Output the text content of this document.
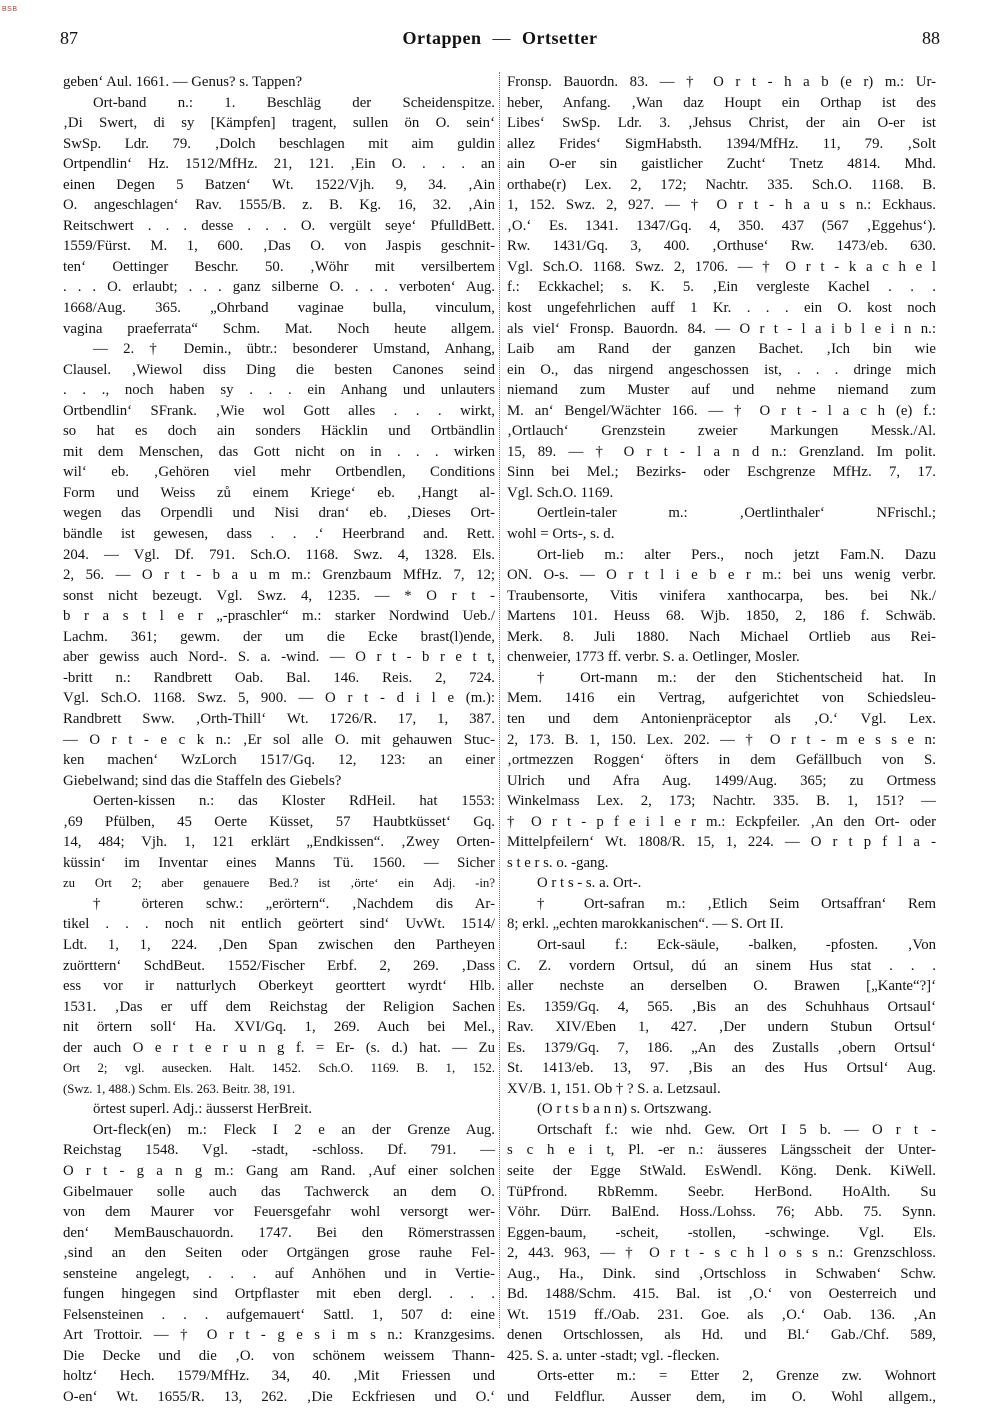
BSB
87	Ortappen — Ortsetter	88
geben‘ Aul. 1661. — Genus? s. Tappen?
Ort-band n.: 1. Beschläg der Scheidenspitze.
‚Di Swert, di sy [Kämpfen] tragent, sullen ön O. sein‘
SwSp. Ldr. 79. ‚Dolch beschlagen mit aim guldin
Ortpendlin‘ Hz. 1512/MfHz. 21, 121. ‚Ein O. . . . an
einen Degen 5 Batzen‘ Wt. 1522/Vjh. 9, 34. ‚Ain
O. angeschlagen‘ Rav. 1555/B. z. B. Kg. 16, 32. ‚Ain
Reitschwert . . . desse . . . O. vergült seye‘ PfulldBett.
1559/Fürst. M. 1, 600. ‚Das O. von Jaspis geschnit-
ten‘ Oettinger Beschr. 50. ‚Wöhr mit versilbertem
. . . O. erlaubt; . . . ganz silberne O. . . . verboten‘ Aug.
1668/Aug. 365. „Ohrband vaginae bulla, vinculum,
vagina praeferrata“ Schm. Mat. Noch heute allgem.
— 2. † Demin., übtr.: besonderer Umstand, Anhang,
Clausel. ‚Wiewol diss Ding die besten Canones seind
. . ., noch haben sy . . . ein Anhang und unlauters
Ortbendlin‘ SFrank. ‚Wie wol Gott alles . . . wirkt,
so hat es doch ain sonders Häcklin und Ortbändlin
mit dem Menschen, das Gott nicht on in . . . wirken
wil‘ eb. ‚Gehören viel mehr Ortbendlen, Conditions
Form und Weiss zů einem Kriege‘ eb. ‚Hangt al-
wegen das Orpendli und Nisi dran‘ eb. ‚Dieses Ort-
bändle ist gewesen, dass . . .‘ Heerbrand and. Rett.
204. — Vgl. Df. 791. Sch.O. 1168. Swz. 4, 1328. Els.
2, 56. — O r t - b a u m m.: Grenzbaum MfHz. 7, 12;
sonst nicht bezeugt. Vgl. Swz. 4, 1235. — * O r t -
b r a s t l e r „-praschler“ m.: starker Nordwind Ueb./
Lachm. 361; gewm. der um die Ecke brast(l)ende,
aber gewiss auch Nord-. S. a. -wind. — O r t - b r e t t,
-britt n.: Randbrett Oab. Bal. 146. Reis. 2, 724.
Vgl. Sch.O. 1168. Swz. 5, 900. — O r t - d i l e (m.):
Randbrett Sww. ‚Orth-Thill‘ Wt. 1726/R. 17, 1, 387.
— O r t - e c k n.: ‚Er sol alle O. mit gehauwen Stuc-
ken machen‘ WzLorch 1517/Gq. 12, 123: an einer
Giebelwand; sind das die Staffeln des Giebels?
Oerten-kissen n.: das Kloster RdHeil. hat 1553:
‚69 Pfülben, 45 Oerte Küsset, 57 Haubtküsset‘ Gq.
14, 484; Vjh. 1, 121 erklärt „Endkissen“. ‚Zwey Orten-
küssin‘ im Inventar eines Manns Tü. 1560. — Sicher
zu Ort 2; aber genauere Bed.? ist ‚örte‘ ein Adj. -in?
† örteren schw.: „erörtern“. ‚Nachdem dis Ar-
tikel . . . noch nit entlich geörtert sind‘ UvWt. 1514/
Ldt. 1, 1, 224. ‚Den Span zwischen den Partheyen
zuörttern‘ SchdBeut. 1552/Fischer Erbf. 2, 269. ‚Dass
ess vor ir natturlych Oberkeyt georttert wyrdt‘ Hlb.
1531. ‚Das er uff dem Reichstag der Religion Sachen
nit örtern soll‘ Ha. XVI/Gq. 1, 269. Auch bei Mel.,
der auch O e r t e r u n g f. = Er- (s. d.) hat. — Zu
Ort 2; vgl. ausecken. Halt. 1452. Sch.O. 1169. B. 1, 152.
(Swz. 1, 488.) Schm. Els. 263. Beitr. 38, 191.
örtest superl. Adj.: äusserst HerBreit.
Ort-fleck(en) m.: Fleck I 2 e an der Grenze Aug.
Reichstag 1548. Vgl. -stadt, -schloss. Df. 791. —
O r t - g a n g m.: Gang am Rand. ‚Auf einer solchen
Gibelmauer solle auch das Tachwerck an dem O.
von dem Maurer vor Feuersgefahr wohl versorgt wer-
den‘ MemBauschauordn. 1747. Bei den Römerstrassen
‚sind an den Seiten oder Ortgängen grose rauhe Fel-
sensteine angelegt, . . . auf Anhöhen und in Vertie-
fungen hingegen sind Ortpflaster mit eben dergl. . . .
Felsensteinen . . . aufgemauert‘ Sattl. 1, 507 d: eine
Art Trottoir. — † O r t - g e s i m s n.: Kranzgesims.
Die Decke und die ‚O. von schönem weissem Thann-
holtz‘ Hech. 1579/MfHz. 34, 40. ‚Mit Friessen und
O-en‘ Wt. 1655/R. 13, 262. ‚Die Eckfriesen und O.‘
Fronsp. Bauordn. 83. — † O r t - h a b (e r) m.: Ur-
heber, Anfang. ‚Wan daz Houpt ein Orthap ist des
Libes‘ SwSp. Ldr. 3. ‚Jehsus Christ, der ain O-er ist
allez Frides‘ SigmHabsth. 1394/MfHz. 11, 79. ‚Solt
ain O-er sin gaistlicher Zucht‘ Tnetz 4814. Mhd.
orthabe(r) Lex. 2, 172; Nachtr. 335. Sch.O. 1168. B.
1, 152. Swz. 2, 927. — † O r t - h a u s n.: Eckhaus.
‚O.‘ Es. 1341. 1347/Gq. 4, 350. 437 (567 ‚Eggehus‘).
Rw. 1431/Gq. 3, 400. ‚Orthuse‘ Rw. 1473/eb. 630.
Vgl. Sch.O. 1168. Swz. 2, 1706. — † O r t - k a c h e l
f.: Eckkachel; s. K. 5. ‚Ein vergleste Kachel . . .
kost ungefehrlichen auff 1 Kr. . . . ein O. kost noch
als viel‘ Fronsp. Bauordn. 84. — O r t - l a i b l e i n n.:
Laib am Rand der ganzen Bachet. ‚Ich bin wie
ein O., das nirgend angeschossen ist, . . . dringe mich
niemand zum Muster auf und nehme niemand zum
M. an‘ Bengel/Wächter 166. — † O r t - l a c h (e) f.:
‚Ortlauch‘ Grenzstein zweier Markungen Messk./Al.
15, 89. — † O r t - l a n d n.: Grenzland. Im polit.
Sinn bei Mel.; Bezirks- oder Eschgrenze MfHz. 7, 17.
Vgl. Sch.O. 1169.
Oertlein-taler m.: ‚Oertlinthaler‘ NFrischl.;
wohl = Orts-, s. d.
Ort-lieb m.: alter Pers., noch jetzt Fam.N. Dazu
ON. O-s. — O r t l i e b e r m.: bei uns wenig verbr.
Traubensorte, Vitis vinifera xanthocarpa, bes. bei Nk./
Martens 101. Heuss 68. Wjb. 1850, 2, 186 f. Schwäb.
Merk. 8. Juli 1880. Nach Michael Ortlieb aus Rei-
chenweier, 1773 ff. verbr. S. a. Oetlinger, Mosler.
† Ort-mann m.: der den Stichentscheid hat. In
Mem. 1416 ein Vertrag, aufgerichtet von Schiedsleu-
ten und dem Antonienpräceptor als ‚O.‘ Vgl. Lex.
2, 173. B. 1, 150. Lex. 202. — † O r t - m e s s e n:
‚ortmezzen Roggen‘ öfters in dem Gefällbuch von S.
Ulrich und Afra Aug. 1499/Aug. 365; zu Ortmess
Winkelmass Lex. 2, 173; Nachtr. 335. B. 1, 151? —
† O r t - p f e i l e r m.: Eckpfeiler. ‚An den Ort- oder
Mittelpfeilern‘ Wt. 1808/R. 15, 1, 224. — O r t p f l a -
s t e r s. o. -gang.
O r t s - s. a. Ort-.
† Ort-safran m.: ‚Etlich Seim Ortsaffran‘ Rem
8; erkl. „echten marokkanischen“. — S. Ort II.
Ort-saul f.: Eck-säule, -balken, -pfosten. ‚Von
C. Z. vordern Ortsul, dú an sinem Hus stat . . .
aller nechste an derselben O. Brawen [„Kante“?]‘
Es. 1359/Gq. 4, 565. ‚Bis an des Schuhhaus Ortsaul‘
Rav. XIV/Eben 1, 427. ‚Der undern Stubun Ortsul‘
Es. 1379/Gq. 7, 186. „An des Zustalls ‚obern Ortsul‘
St. 1413/eb. 13, 97. ‚Bis an des Hus Ortsul‘ Aug.
XV/B. 1, 151. Ob † ? S. a. Letzsaul.
(O r t s b a n n) s. Ortszwang.
Ortschaft f.: wie nhd. Gew. Ort I 5 b. — O r t -
s c h e i t, Pl. -er n.: äusseres Längsscheit der Unter-
seite der Egge StWald. EsWendl. Köng. Denk. KiWell.
TüPfrond. RbRemm. Seebr. HerBond. HoAlth. Su
Vöhr. Dürr. BalEnd. Hoss./Lohss. 76; Abb. 75. Synn.
Eggen-baum, -scheit, -stollen, -schwinge. Vgl. Els.
2, 443. 963, — † O r t - s c h l o s s n.: Grenzschloss.
Aug., Ha., Dink. sind ‚Ortschloss in Schwaben‘ Schw.
Bd. 1488/Schm. 415. Bal. ist ‚O.‘ von Oesterreich und
Wt. 1519 ff./Oab. 231. Goe. als ‚O.‘ Oab. 136. ‚An
denen Ortschlossen, als Hd. und Bl.‘ Gab./Chf. 589,
425. S. a. unter -stadt; vgl. -flecken.
Orts-etter m.: = Etter 2, Grenze zw. Wohnort
und Feldflur. Ausser dem, im O. Wohl allgem.,
